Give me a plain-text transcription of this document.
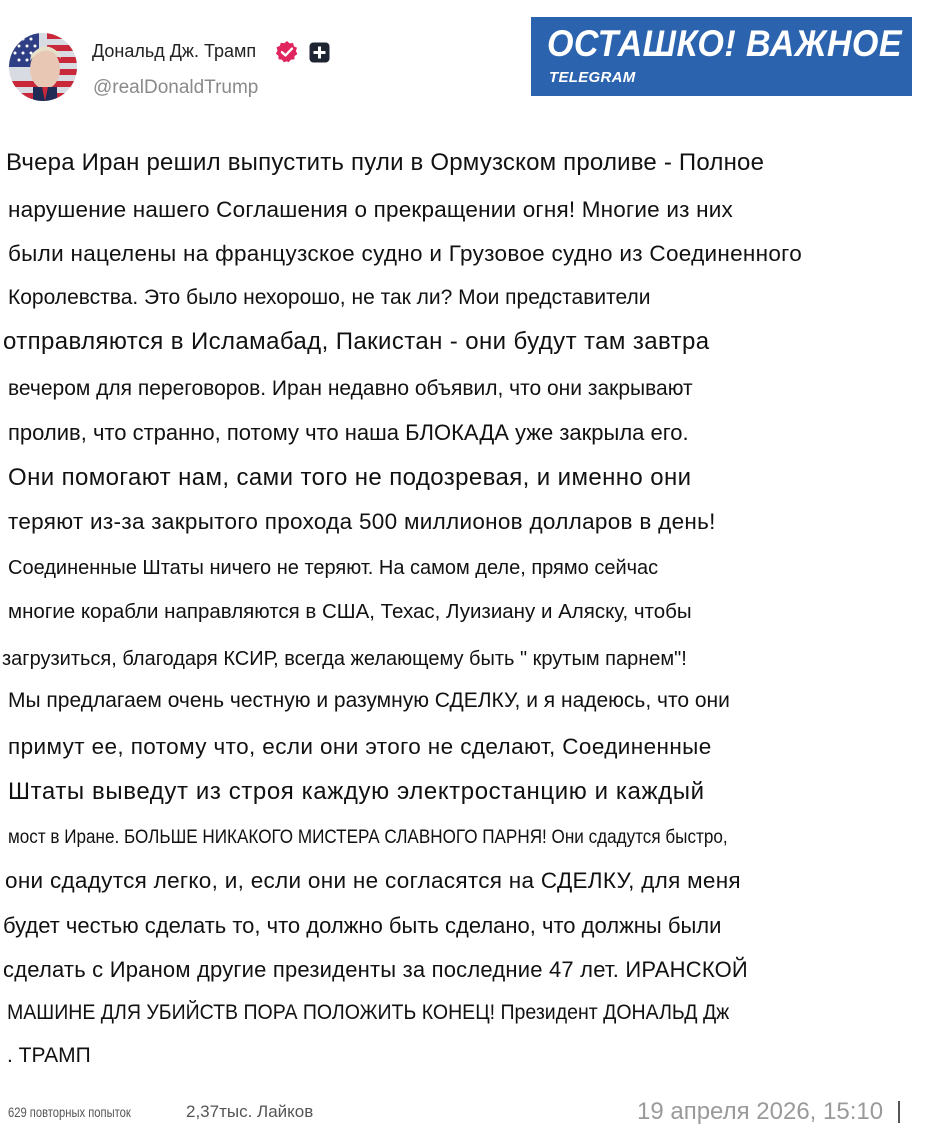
Дональд Дж. Трамп
@realDonaldTrump
ОСТАШКО! ВАЖНОЕ
TELEGRAM
Вчера Иран решил выпустить пули в Ормузском проливе - Полное
нарушение нашего Соглашения о прекращении огня! Многие из них
были нацелены на французское судно и Грузовое судно из Соединенного
Королевства. Это было нехорошо, не так ли? Мои представители
отправляются в Исламабад, Пакистан - они будут там завтра
вечером для переговоров. Иран недавно объявил, что они закрывают
пролив, что странно, потому что наша БЛОКАДА уже закрыла его.
Они помогают нам, сами того не подозревая, и именно они
теряют из-за закрытого прохода 500 миллионов долларов в день!
Соединенные Штаты ничего не теряют. На самом деле, прямо сейчас
многие корабли направляются в США, Техас, Луизиану и Аляску, чтобы
загрузиться, благодаря КСИР, всегда желающему быть " крутым парнем"!
Мы предлагаем очень честную и разумную СДЕЛКУ, и я надеюсь, что они
примут ее, потому что, если они этого не сделают, Соединенные
Штаты выведут из строя каждую электростанцию и каждый
мост в Иране. БОЛЬШЕ НИКАКОГО МИСТЕРА СЛАВНОГО ПАРНЯ! Они сдадутся быстро,
они сдадутся легко, и, если они не согласятся на СДЕЛКУ, для меня
будет честью сделать то, что должно быть сделано, что должны были
сделать с Ираном другие президенты за последние 47 лет. ИРАНСКОЙ
МАШИНЕ ДЛЯ УБИЙСТВ ПОРА ПОЛОЖИТЬ КОНЕЦ! Президент ДОНАЛЬД Дж
. ТРАМП
629 повторных попыток	2,37тыс. Лайков	19 апреля 2026, 15:10
